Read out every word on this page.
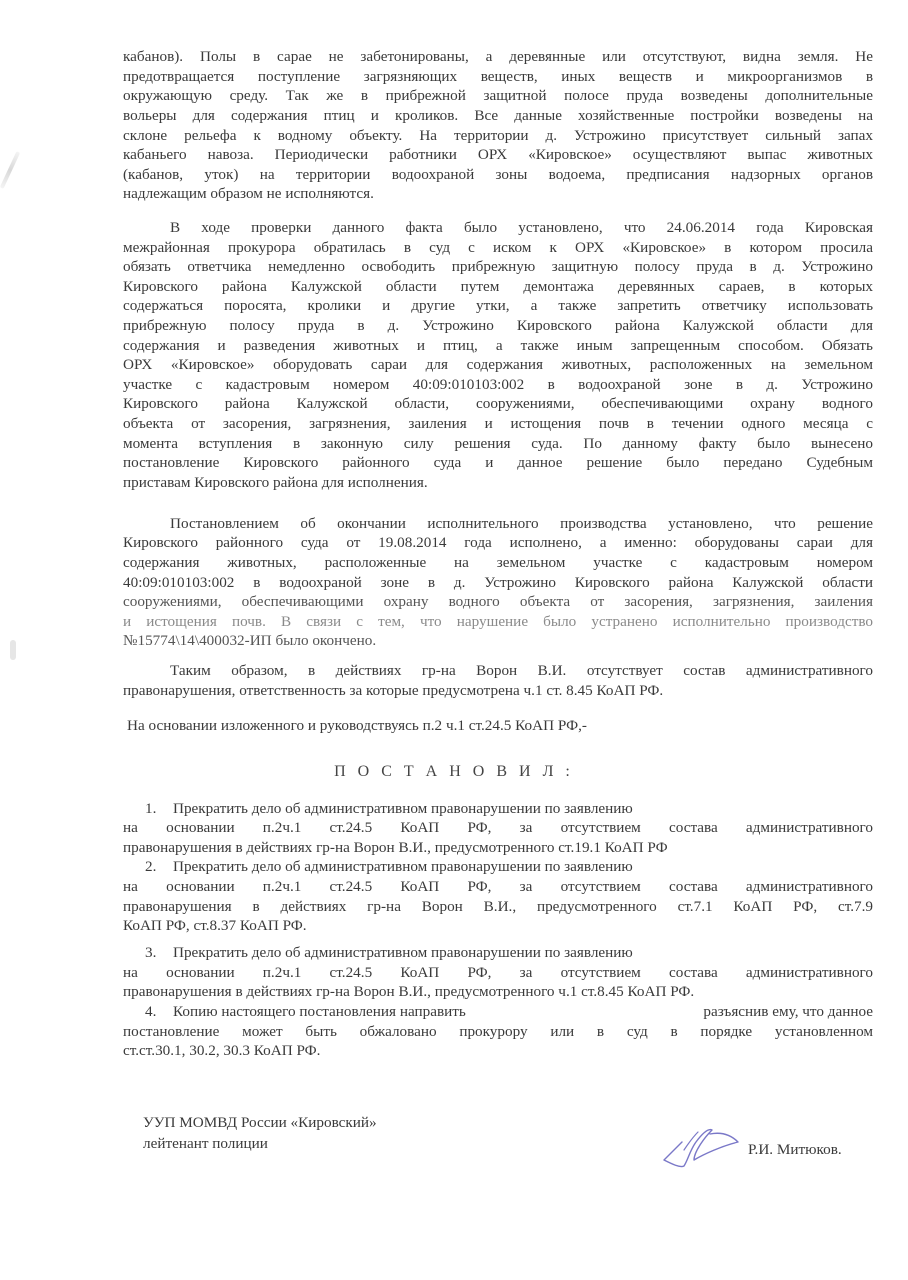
кабанов). Полы в сарае не забетонированы, а деревянные или отсутствуют, видна земля. Не
предотвращается поступление загрязняющих веществ, иных веществ и микроорганизмов в
окружающую среду. Так же в прибрежной защитной полосе пруда возведены дополнительные
вольеры для содержания птиц и кроликов. Все данные хозяйственные постройки возведены на
склоне рельефа к водному объекту. На территории д. Устрожино присутствует сильный запах
кабаньего навоза. Периодически работники ОРХ «Кировское» осуществляют выпас животных
(кабанов, уток) на территории водоохраной зоны водоема, предписания надзорных органов
надлежащим образом не исполняются.
В ходе проверки данного факта было установлено, что 24.06.2014 года Кировская
межрайонная прокурора обратилась в суд с иском к ОРХ «Кировское» в котором просила
обязать ответчика немедленно освободить прибрежную защитную полосу пруда в д. Устрожино
Кировского района Калужской области путем демонтажа деревянных сараев, в которых
содержаться поросята, кролики и другие утки, а также запретить ответчику использовать
прибрежную полосу пруда в д. Устрожино Кировского района Калужской области для
содержания и разведения животных и птиц, а также иным запрещенным способом. Обязать
ОРХ «Кировское» оборудовать сараи для содержания животных, расположенных на земельном
участке с кадастровым номером 40:09:010103:002 в водоохраной зоне в д. Устрожино
Кировского района Калужской области, сооружениями, обеспечивающими охрану водного
объекта от засорения, загрязнения, заиления и истощения почв в течении одного месяца с
момента вступления в законную силу решения суда. По данному факту было вынесено
постановление Кировского районного суда и данное решение было передано Судебным
приставам Кировского района для исполнения.
Постановлением об окончании исполнительного производства установлено, что решение
Кировского районного суда от 19.08.2014 года исполнено, а именно: оборудованы сараи для
содержания животных, расположенные на земельном участке с кадастровым номером
40:09:010103:002 в водоохраной зоне в д. Устрожино Кировского района Калужской области
сооружениями, обеспечивающими охрану водного объекта от засорения, загрязнения, заиления
и истощения почв. В связи с тем, что нарушение было устранено исполнительно производство
№15774\14\400032-ИП было окончено.
Таким образом, в действиях гр-на Ворон В.И. отсутствует состав административного
правонарушения, ответственность за которые предусмотрена ч.1 ст. 8.45 КоАП РФ.
На основании изложенного и руководствуясь п.2 ч.1 ст.24.5 КоАП РФ,-
П О С Т А Н О В И Л :
1. Прекратить дело об административном правонарушении по заявлению
на основании п.2ч.1 ст.24.5 КоАП РФ, за отсутствием состава административного
правонарушения в действиях гр-на Ворон В.И., предусмотренного ст.19.1 КоАП РФ
2. Прекратить дело об административном правонарушении по заявлению
на основании п.2ч.1 ст.24.5 КоАП РФ, за отсутствием состава административного
правонарушения в действиях гр-на Ворон В.И., предусмотренного ст.7.1 КоАП РФ, ст.7.9
КоАП РФ, ст.8.37 КоАП РФ.
3. Прекратить дело об административном правонарушении по заявлению
на основании п.2ч.1 ст.24.5 КоАП РФ, за отсутствием состава административного
правонарушения в действиях гр-на Ворон В.И., предусмотренного ч.1 ст.8.45 КоАП РФ.
4. Копию настоящего постановления направить	разъяснив ему, что данное
постановление может быть обжаловано прокурору или в суд в порядке установленном
ст.ст.30.1, 30.2, 30.3 КоАП РФ.
УУП МОМВД России «Кировский»
лейтенант полиции	Р.И. Митюков.
